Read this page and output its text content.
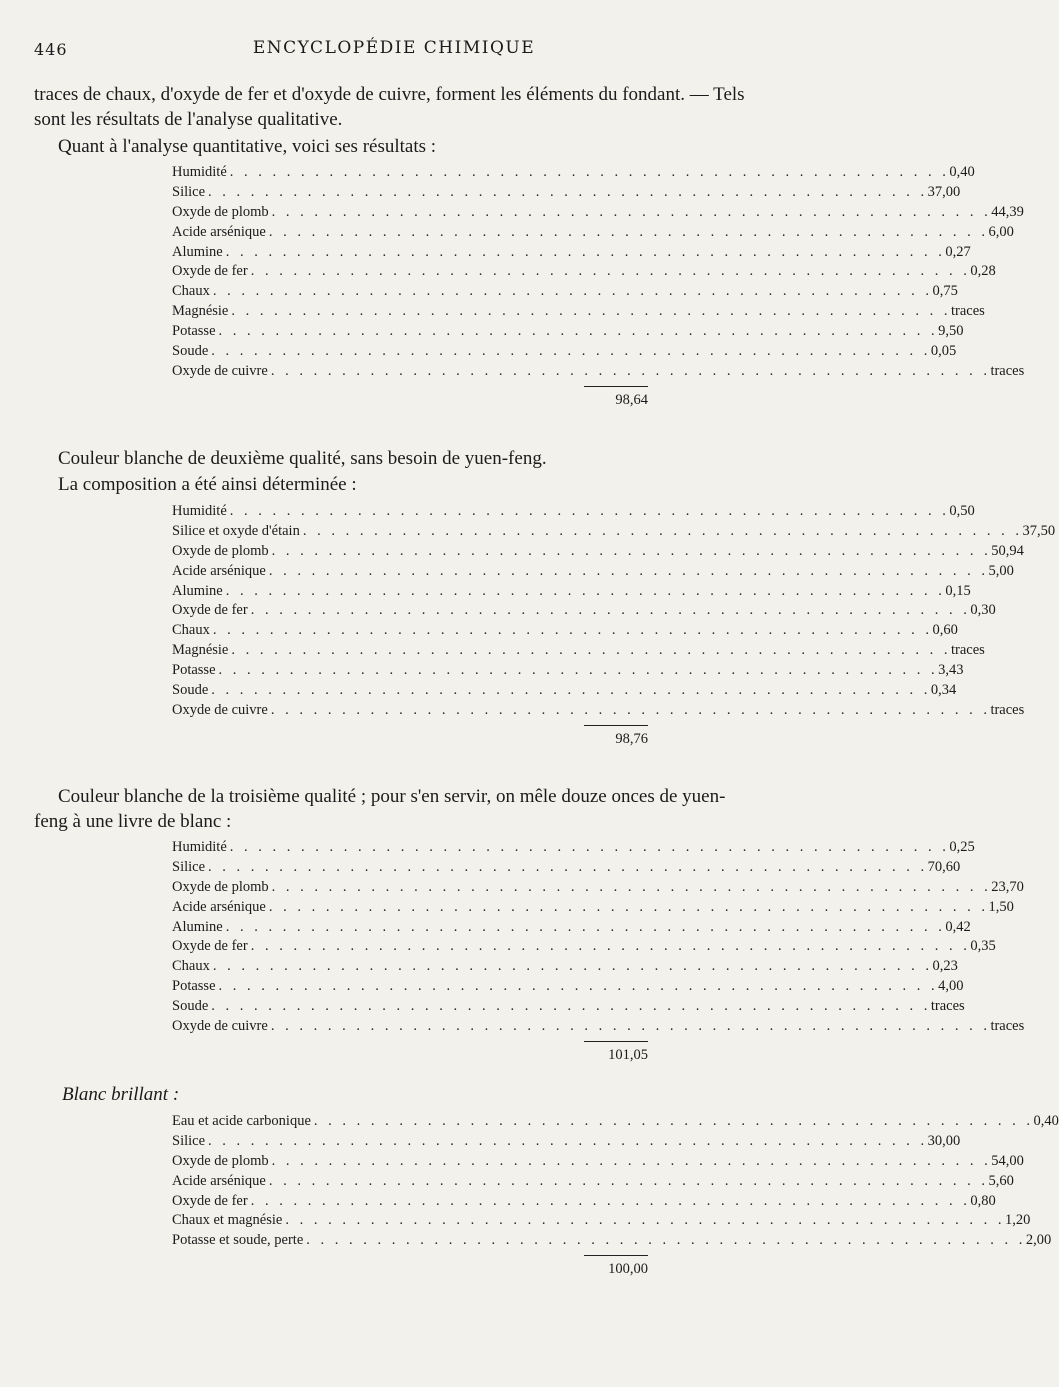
446	ENCYCLOPÉDIE CHIMIQUE
traces de chaux, d'oxyde de fer et d'oxyde de cuivre, forment les éléments du fondant. — Tels sont les résultats de l'analyse qualitative.
Quant à l'analyse quantitative, voici ses résultats :
Humidité . . . . . . . . . . . . . . . . . . . . . . . . . . . . . . . . . . . . . . . . . . . . . . . . . . . 0,40
Silice . . . . . . . . . . . . . . . . . . . . . . . . . . . . . . . . . . . . . . . . . . . . . . . . . . . 37,00
Oxyde de plomb . . . . . . . . . . . . . . . . . . . . . . . . . . . . . . . . . . . . . . . . . . . . . . . . . . . 44,39
Acide arsénique . . . . . . . . . . . . . . . . . . . . . . . . . . . . . . . . . . . . . . . . . . . . . . . . . . . 6,00
Alumine . . . . . . . . . . . . . . . . . . . . . . . . . . . . . . . . . . . . . . . . . . . . . . . . . . . 0,27
Oxyde de fer . . . . . . . . . . . . . . . . . . . . . . . . . . . . . . . . . . . . . . . . . . . . . . . . . . . 0,28
Chaux . . . . . . . . . . . . . . . . . . . . . . . . . . . . . . . . . . . . . . . . . . . . . . . . . . . 0,75
Magnésie . . . . . . . . . . . . . . . . . . . . . . . . . . . . . . . . . . . . . . . . . . . . . . . . . . . traces
Potasse . . . . . . . . . . . . . . . . . . . . . . . . . . . . . . . . . . . . . . . . . . . . . . . . . . . 9,50
Soude . . . . . . . . . . . . . . . . . . . . . . . . . . . . . . . . . . . . . . . . . . . . . . . . . . . 0,05
Oxyde de cuivre . . . . . . . . . . . . . . . . . . . . . . . . . . . . . . . . . . . . . . . . . . . . . . . . . . . traces
98,64
Couleur blanche de deuxième qualité, sans besoin de yuen-feng.
La composition a été ainsi déterminée :
Humidité . . . . . . . . . . . . . . . . . . . . . . . . . . . . . . . . . . . . . . . . . . . . . . . . . . . 0,50
Silice et oxyde d'étain . . . . . . . . . . . . . . . . . . . . . . . . . . . . . . . . . . . . . . . . . . . . . . . . . . . 37,50
Oxyde de plomb . . . . . . . . . . . . . . . . . . . . . . . . . . . . . . . . . . . . . . . . . . . . . . . . . . . 50,94
Acide arsénique . . . . . . . . . . . . . . . . . . . . . . . . . . . . . . . . . . . . . . . . . . . . . . . . . . . 5,00
Alumine . . . . . . . . . . . . . . . . . . . . . . . . . . . . . . . . . . . . . . . . . . . . . . . . . . . 0,15
Oxyde de fer . . . . . . . . . . . . . . . . . . . . . . . . . . . . . . . . . . . . . . . . . . . . . . . . . . . 0,30
Chaux . . . . . . . . . . . . . . . . . . . . . . . . . . . . . . . . . . . . . . . . . . . . . . . . . . . 0,60
Magnésie . . . . . . . . . . . . . . . . . . . . . . . . . . . . . . . . . . . . . . . . . . . . . . . . . . . traces
Potasse . . . . . . . . . . . . . . . . . . . . . . . . . . . . . . . . . . . . . . . . . . . . . . . . . . . 3,43
Soude . . . . . . . . . . . . . . . . . . . . . . . . . . . . . . . . . . . . . . . . . . . . . . . . . . . 0,34
Oxyde de cuivre . . . . . . . . . . . . . . . . . . . . . . . . . . . . . . . . . . . . . . . . . . . . . . . . . . . traces
98,76
Couleur blanche de la troisième qualité ; pour s'en servir, on mêle douze onces de yuen-feng à une livre de blanc :
Humidité . . . . . . . . . . . . . . . . . . . . . . . . . . . . . . . . . . . . . . . . . . . . . . . . . . . 0,25
Silice . . . . . . . . . . . . . . . . . . . . . . . . . . . . . . . . . . . . . . . . . . . . . . . . . . . 70,60
Oxyde de plomb . . . . . . . . . . . . . . . . . . . . . . . . . . . . . . . . . . . . . . . . . . . . . . . . . . . 23,70
Acide arsénique . . . . . . . . . . . . . . . . . . . . . . . . . . . . . . . . . . . . . . . . . . . . . . . . . . . 1,50
Alumine . . . . . . . . . . . . . . . . . . . . . . . . . . . . . . . . . . . . . . . . . . . . . . . . . . . 0,42
Oxyde de fer . . . . . . . . . . . . . . . . . . . . . . . . . . . . . . . . . . . . . . . . . . . . . . . . . . . 0,35
Chaux . . . . . . . . . . . . . . . . . . . . . . . . . . . . . . . . . . . . . . . . . . . . . . . . . . . 0,23
Potasse . . . . . . . . . . . . . . . . . . . . . . . . . . . . . . . . . . . . . . . . . . . . . . . . . . . 4,00
Soude . . . . . . . . . . . . . . . . . . . . . . . . . . . . . . . . . . . . . . . . . . . . . . . . . . . traces
Oxyde de cuivre . . . . . . . . . . . . . . . . . . . . . . . . . . . . . . . . . . . . . . . . . . . . . . . . . . . traces
101,05
Blanc brillant :
Eau et acide carbonique . . . . . . . . . . . . . . . . . . . . . . . . . . . . . . . . . . . . . . . . . . . . . . . . . . . 0,40
Silice . . . . . . . . . . . . . . . . . . . . . . . . . . . . . . . . . . . . . . . . . . . . . . . . . . . 30,00
Oxyde de plomb . . . . . . . . . . . . . . . . . . . . . . . . . . . . . . . . . . . . . . . . . . . . . . . . . . . 54,00
Acide arsénique . . . . . . . . . . . . . . . . . . . . . . . . . . . . . . . . . . . . . . . . . . . . . . . . . . . 5,60
Oxyde de fer . . . . . . . . . . . . . . . . . . . . . . . . . . . . . . . . . . . . . . . . . . . . . . . . . . . 0,80
Chaux et magnésie . . . . . . . . . . . . . . . . . . . . . . . . . . . . . . . . . . . . . . . . . . . . . . . . . . . 1,20
Potasse et soude, perte . . . . . . . . . . . . . . . . . . . . . . . . . . . . . . . . . . . . . . . . . . . . . . . . . . . 2,00
100,00
